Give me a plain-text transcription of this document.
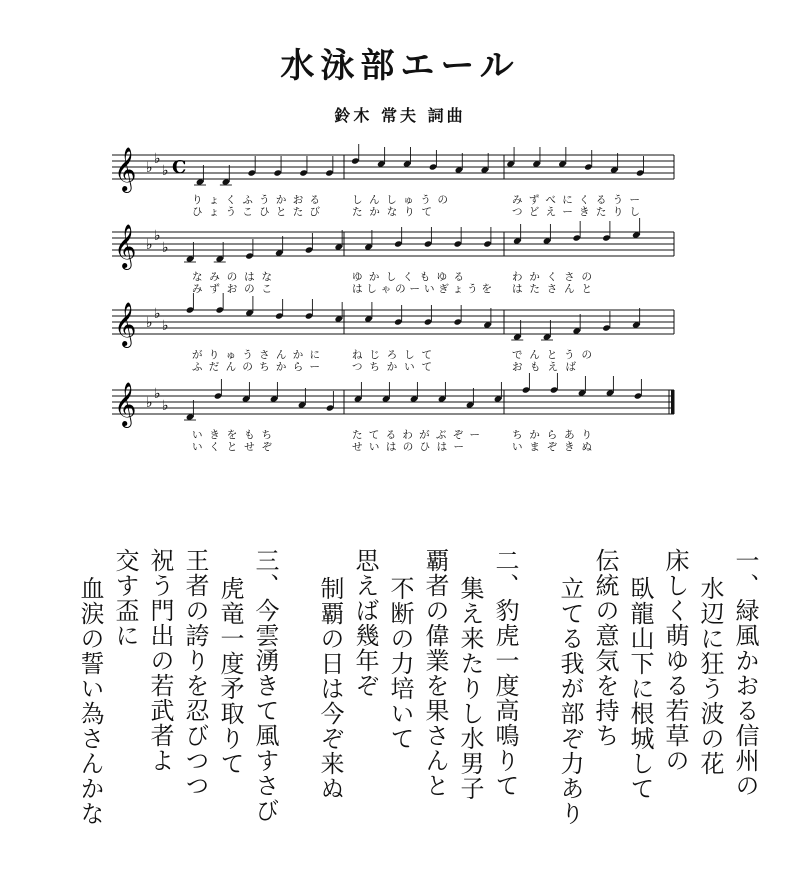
水泳部エール
鈴木 常夫 詞曲
𝄞 ♭
♭
♭ C
りょくふうかおる	しんしゅうの	みずべにくるうー
ひょうこひとたび	たかなりて	つどえーきたりし
𝄞 ♭
♭
♭
なみのはな	ゆかしくもゆる	わかくさの
みずおのこ	はしゃのーいぎょうを はたさんと
𝄞 ♭
♭
♭
がりゅうさんかに	ねじろして	でんとうの
ふだんのちからー	つちかいて	おもえば
𝄞 ♭
♭
♭
いきをもち	たてるわがぶぞー	ちからあり
いくとせぞ	せいはのひはー	いまぞきぬ
一、緑風かおる信州の
水辺に狂う波の花
床しく萌ゆる若草の
臥龍山下に根城して
伝統の意気を持ち
立てる我が部ぞ力あり
二、豹虎一度高鳴りて
集え来たりし水男子
覇者の偉業を果さんと
不断の力培いて
思えば幾年ぞ
制覇の日は今ぞ来ぬ
三、今雲湧きて風すさび
虎竜一度矛取りて
王者の誇りを忍びつつ
祝う門出の若武者よ
交す盃に
血涙の誓い為さんかな
